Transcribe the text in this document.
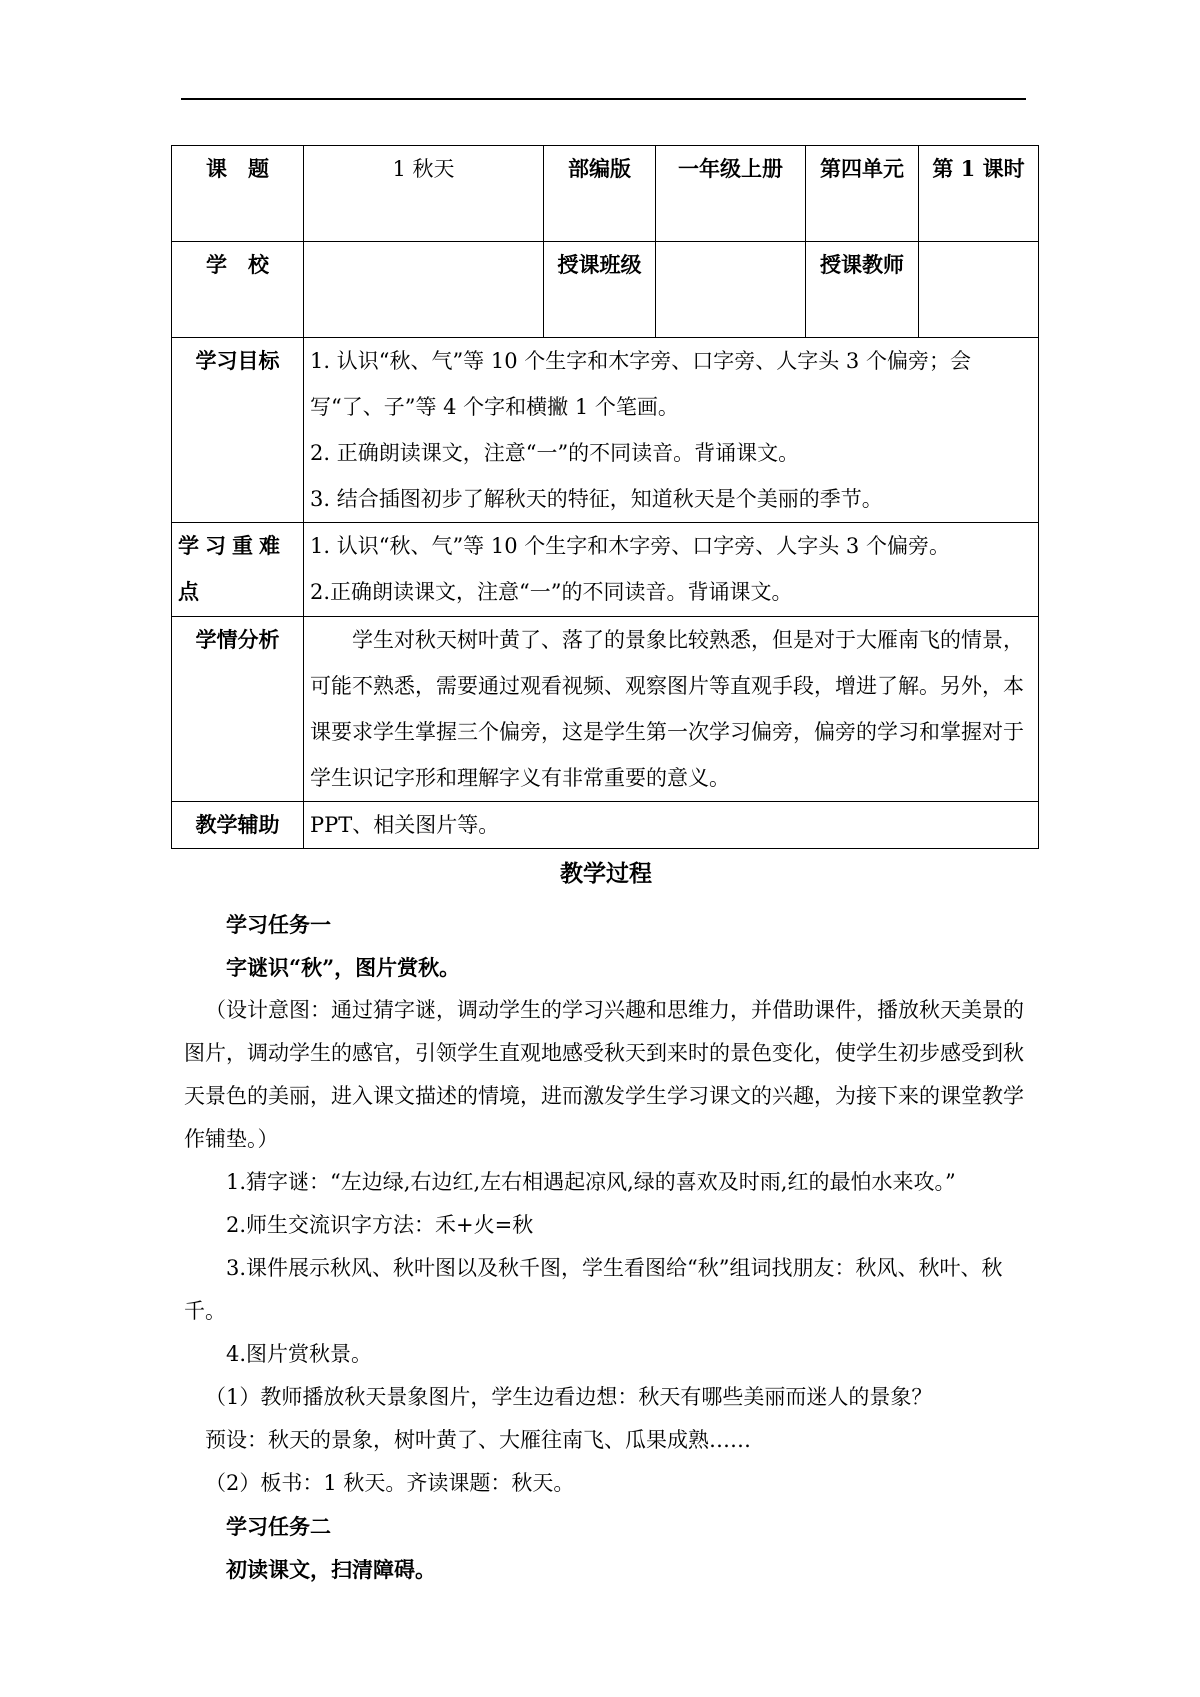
课　题	1 秋天	部编版	一年级上册	第四单元	第 1 课时
学　校		授课班级		授课教师	
学习目标	1. 认识“秋、气”等 10 个生字和木字旁、口字旁、人字头 3 个偏旁；会写“了、子”等 4 个字和横撇 1 个笔画。

2. 正确朗读课文，注意“一”的不同读音。背诵课文。

3. 结合插图初步了解秋天的特征，知道秋天是个美丽的季节。				

学习重难点	1. 认识“秋、气”等 10 个生字和木字旁、口字旁、人字头 3 个偏旁。

2.正确朗读课文，注意“一”的不同读音。背诵课文。				

学情分析	学生对秋天树叶黄了、落了的景象比较熟悉，但是对于大雁南飞的情景，可能不熟悉，需要通过观看视频、观察图片等直观手段，增进了解。另外，本课要求学生掌握三个偏旁，这是学生第一次学习偏旁，偏旁的学习和掌握对于学生识记字形和理解字义有非常重要的意义。				

教学辅助	PPT、相关图片等。				

教学过程

学习任务一

字谜识“秋”，图片赏秋。

（设计意图：通过猜字谜，调动学生的学习兴趣和思维力，并借助课件，播放秋天美景的图片，调动学生的感官，引领学生直观地感受秋天到来时的景色变化，使学生初步感受到秋天景色的美丽，进入课文描述的情境，进而激发学生学习课文的兴趣，为接下来的课堂教学作铺垫。）

1.猜字谜：“左边绿,右边红,左右相遇起凉风,绿的喜欢及时雨,红的最怕水来攻。”

2.师生交流识字方法：禾+火=秋

3.课件展示秋风、秋叶图以及秋千图，学生看图给“秋”组词找朋友：秋风、秋叶、秋千。

4.图片赏秋景。

（1）教师播放秋天景象图片，学生边看边想：秋天有哪些美丽而迷人的景象？

预设：秋天的景象，树叶黄了、大雁往南飞、瓜果成熟……

（2）板书：1 秋天。齐读课题：秋天。

学习任务二

初读课文，扫清障碍。
